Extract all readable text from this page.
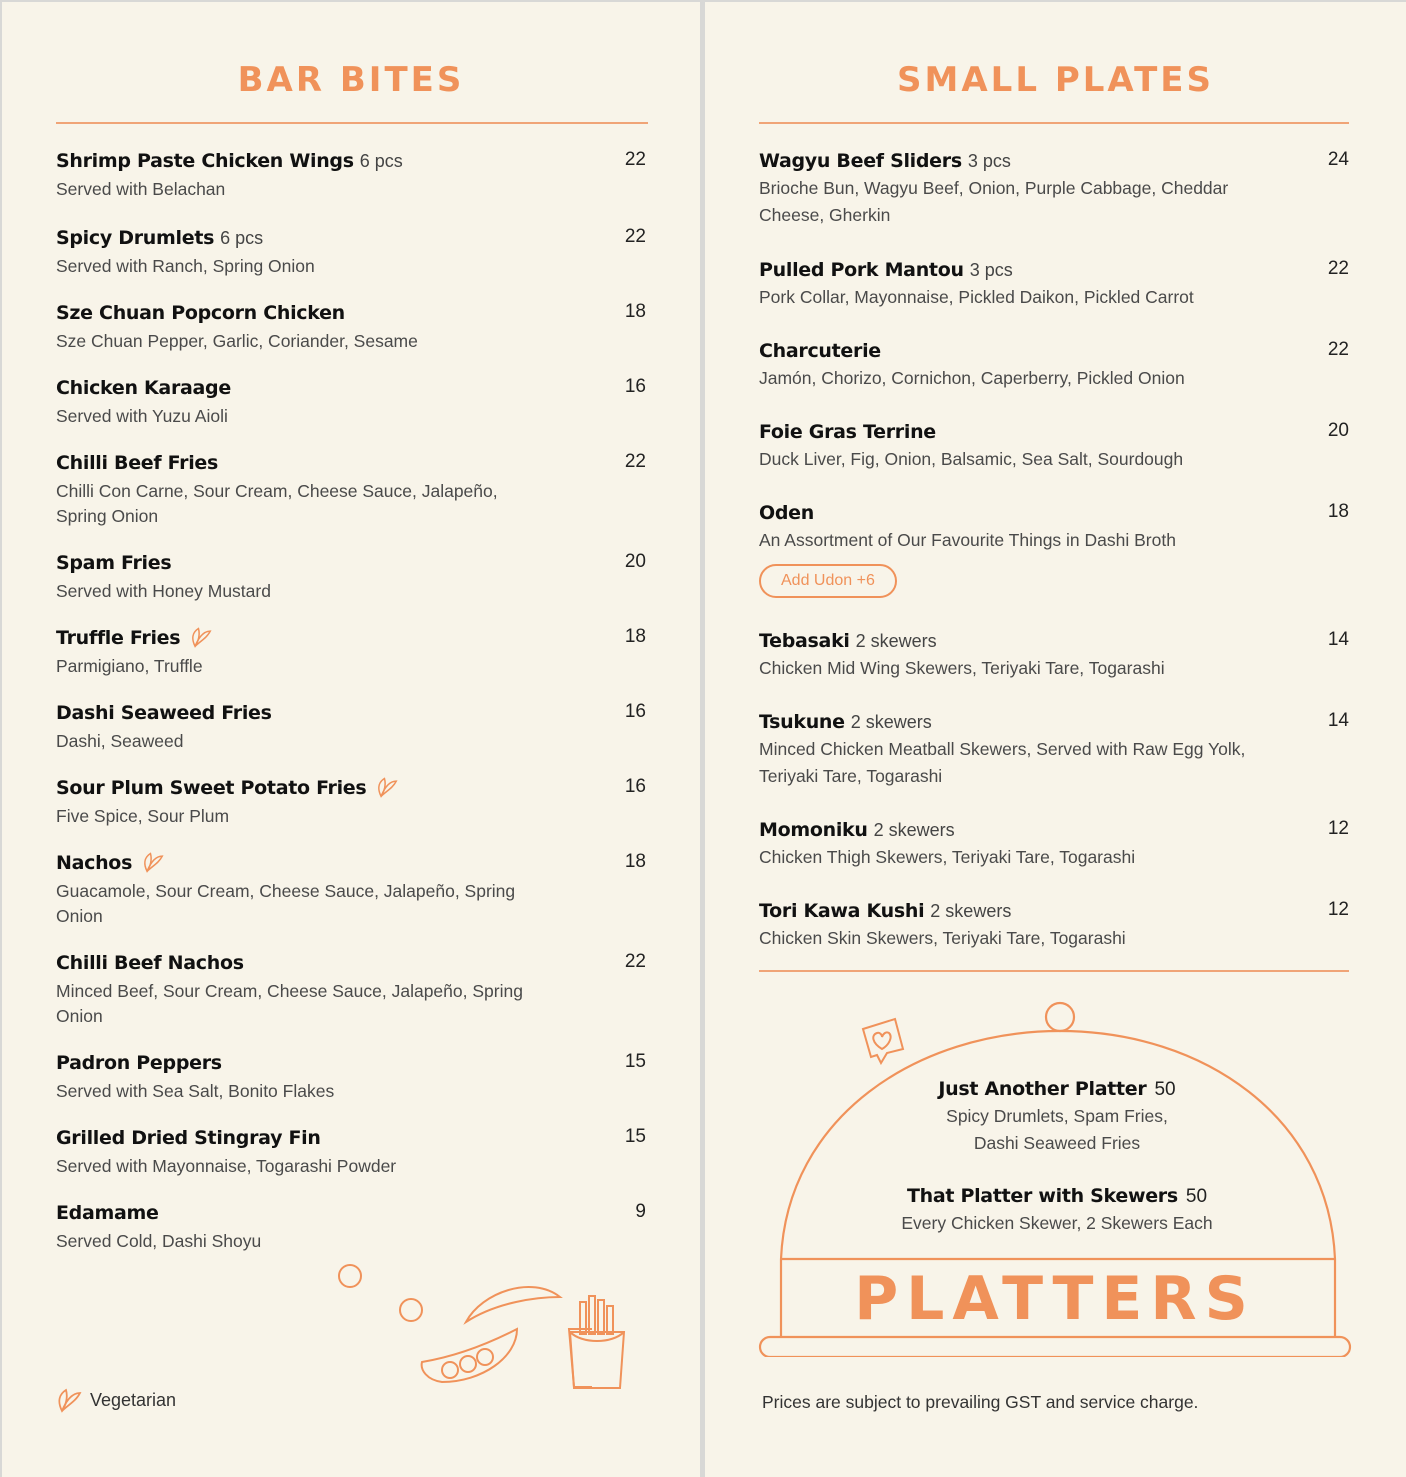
BAR BITES
Shrimp Paste Chicken Wings 6 pcs
Served with Belachan
22
Spicy Drumlets 6 pcs
Served with Ranch, Spring Onion
22
Sze Chuan Popcorn Chicken
Sze Chuan Pepper, Garlic, Coriander, Sesame
18
Chicken Karaage
Served with Yuzu Aioli
16
Chilli Beef Fries
Chilli Con Carne, Sour Cream, Cheese Sauce, Jalapeño, Spring Onion
22
Spam Fries
Served with Honey Mustard
20
Truffle Fries
Parmigiano, Truffle
18
Dashi Seaweed Fries
Dashi, Seaweed
16
Sour Plum Sweet Potato Fries
Five Spice, Sour Plum
16
Nachos
Guacamole, Sour Cream, Cheese Sauce, Jalapeño, Spring Onion
18
Chilli Beef Nachos
Minced Beef, Sour Cream, Cheese Sauce, Jalapeño, Spring Onion
22
Padron Peppers
Served with Sea Salt, Bonito Flakes
15
Grilled Dried Stingray Fin
Served with Mayonnaise, Togarashi Powder
15
Edamame
Served Cold, Dashi Shoyu
9
Vegetarian
SMALL PLATES
Wagyu Beef Sliders 3 pcs
Brioche Bun, Wagyu Beef, Onion, Purple Cabbage, Cheddar Cheese, Gherkin
24
Pulled Pork Mantou 3 pcs
Pork Collar, Mayonnaise, Pickled Daikon, Pickled Carrot
22
Charcuterie
Jamón, Chorizo, Cornichon, Caperberry, Pickled Onion
22
Foie Gras Terrine
Duck Liver, Fig, Onion, Balsamic, Sea Salt, Sourdough
20
Oden
An Assortment of Our Favourite Things in Dashi Broth
Add Udon +6
18
Tebasaki 2 skewers
Chicken Mid Wing Skewers, Teriyaki Tare, Togarashi
14
Tsukune 2 skewers
Minced Chicken Meatball Skewers, Served with Raw Egg Yolk, Teriyaki Tare, Togarashi
14
Momoniku 2 skewers
Chicken Thigh Skewers, Teriyaki Tare, Togarashi
12
Tori Kawa Kushi 2 skewers
Chicken Skin Skewers, Teriyaki Tare, Togarashi
12
Just Another Platter 50
Spicy Drumlets, Spam Fries,
Dashi Seaweed Fries
That Platter with Skewers 50
Every Chicken Skewer, 2 Skewers Each
PLATTERS
Prices are subject to prevailing GST and service charge.
